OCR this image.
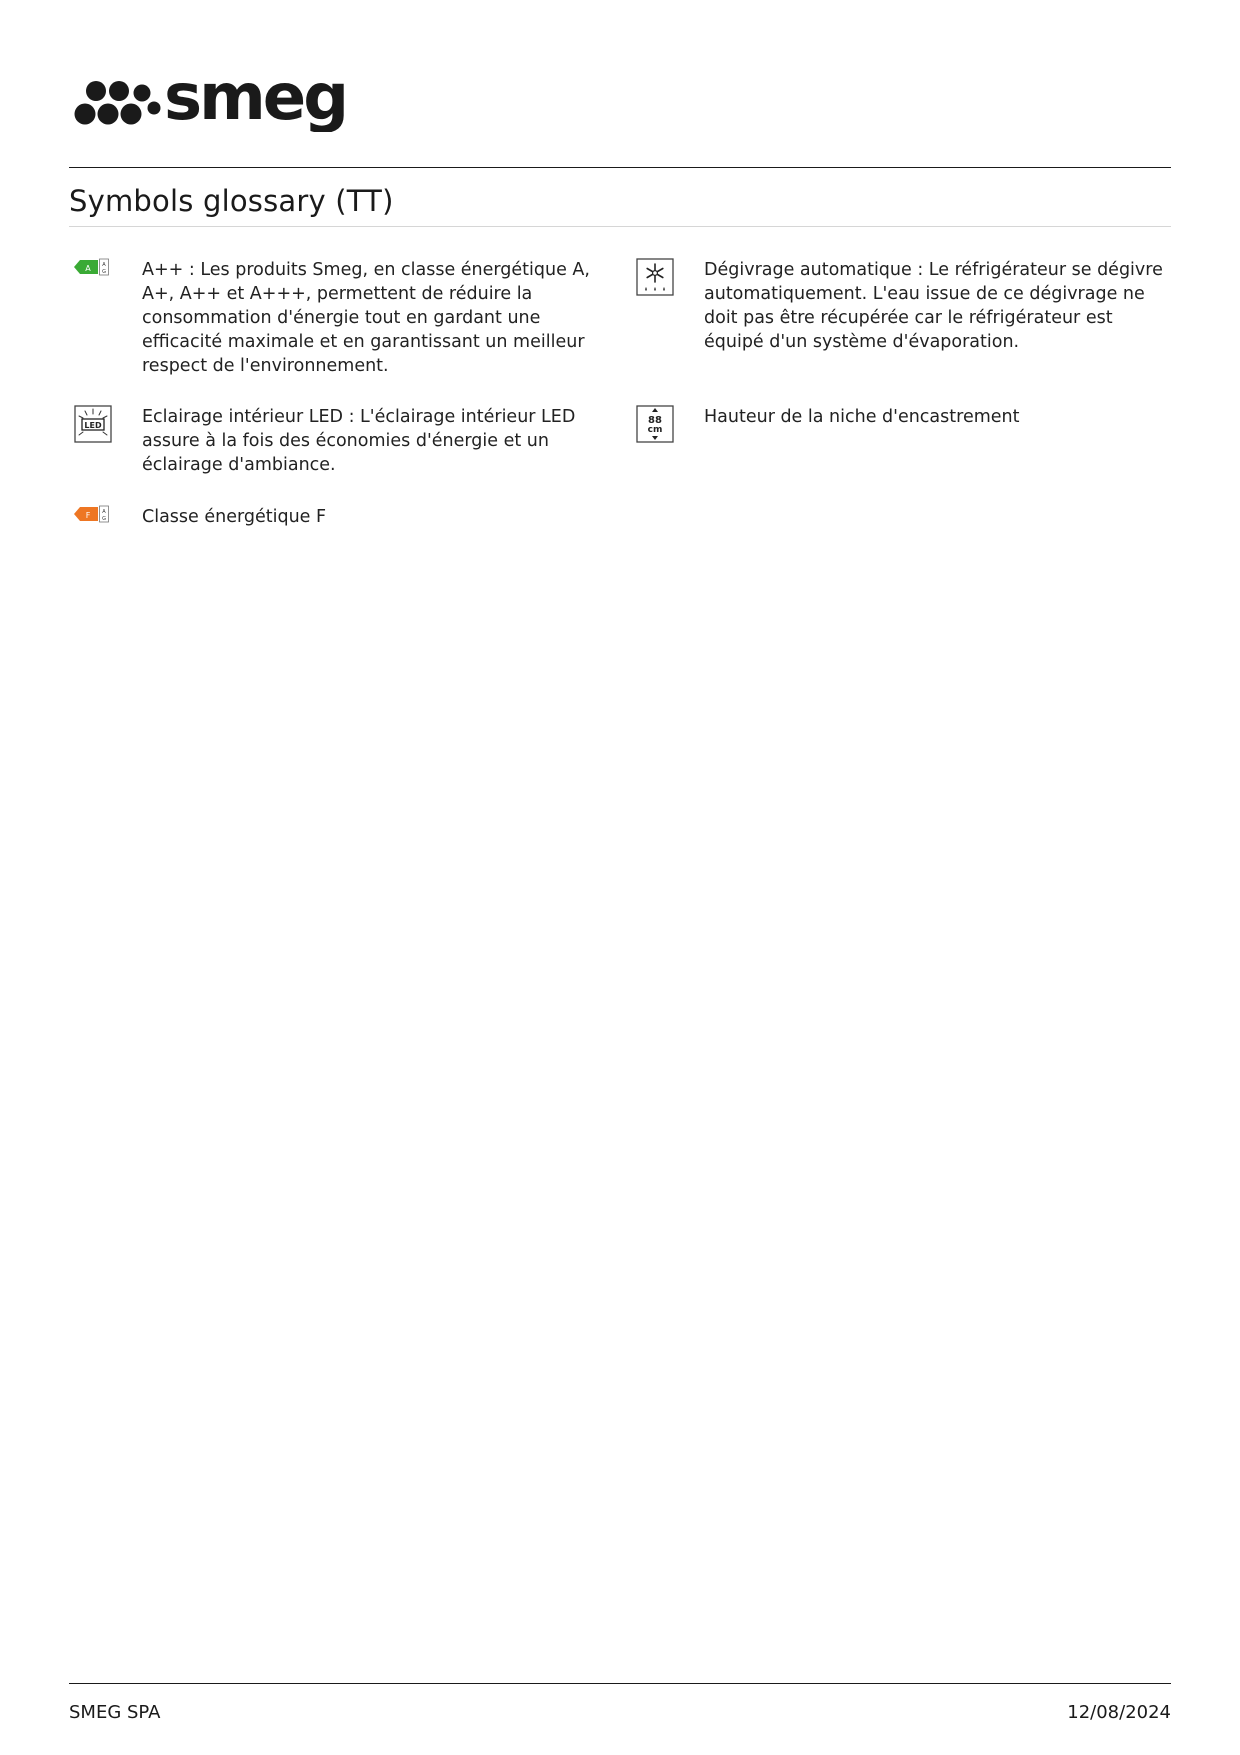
smeg
Symbols glossary (TT)
A A
G A++ : Les produits Smeg, en classe énergétique A, A+, A++ et A+++, permettent de réduire la consommation d'énergie tout en gardant une efficacité maximale et en garantissant un meilleur respect de l'environnement.

Dégivrage automatique : Le réfrigérateur se dégivre automatiquement. L'eau issue de ce dégivrage ne doit pas être récupérée car le réfrigérateur est équipé d'un système d'évaporation.

LED Eclairage intérieur LED : L'éclairage intérieur LED assure à la fois des économies d'énergie et un éclairage d'ambiance.

88
cm

Hauteur de la niche d'encastrement

F A
G Classe énergétique F

SMEG SPA	12/08/2024
